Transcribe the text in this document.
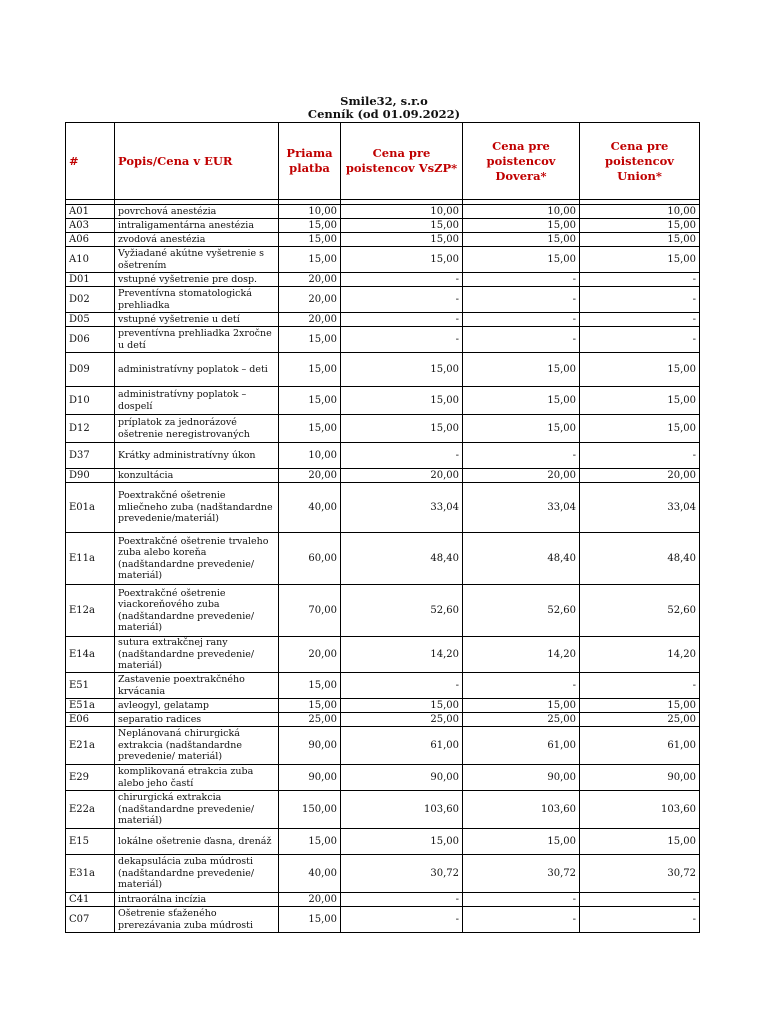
Smile32, s.r.o
Cenník (od 01.09.2022)
#	Popis/Cena v EUR	Priama platba	Cena pre poistencov VsZP*	Cena pre poistencov Dovera*	Cena pre poistencov Union*

A01	povrchová anestézia	10,00	10,00	10,00	10,00
A03	intraligamentárna anestézia	15,00	15,00	15,00	15,00
A06	zvodová anestézia	15,00	15,00	15,00	15,00
A10	Vyžiadané akútne vyšetrenie s ošetrením	15,00	15,00	15,00	15,00
D01	vstupné vyšetrenie pre dosp.	20,00	-	-	-
D02	Preventívna stomatologická prehliadka	20,00	-	-	-
D05	vstupné vyšetrenie u detí	20,00	-	-	-
D06	preventívna prehliadka 2xročne u detí	15,00	-	-	-
D09	administratívny poplatok – deti	15,00	15,00	15,00	15,00
D10	administratívny poplatok – dospelí	15,00	15,00	15,00	15,00
D12	príplatok za jednorázové ošetrenie neregistrovaných	15,00	15,00	15,00	15,00
D37	Krátky administratívny úkon	10,00	-	-	-
D90	konzultácia	20,00	20,00	20,00	20,00
E01a	Poextrakčné ošetrenie mliečneho zuba (nadštandardne prevedenie/materiál)	40,00	33,04	33,04	33,04
E11a	Poextrakčné ošetrenie trvaleho zuba alebo koreňa (nadštandardne prevedenie/ materiál)	60,00	48,40	48,40	48,40
E12a	Poextrakčné ošetrenie viackoreňového zuba (nadštandardne prevedenie/ materiál)	70,00	52,60	52,60	52,60
E14a	sutura extrakčnej rany (nadštandardne prevedenie/ materiál)	20,00	14,20	14,20	14,20
E51	Zastavenie poextrakčného krvácania	15,00	-	-	-
E51a	avleogyl, gelatamp	15,00	15,00	15,00	15,00
E06	separatio radices	25,00	25,00	25,00	25,00
E21a	Neplánovaná chirurgická extrakcia (nadštandardne prevedenie/ materiál)	90,00	61,00	61,00	61,00
E29	komplikovaná etrakcia zuba alebo jeho častí	90,00	90,00	90,00	90,00
E22a	chirurgická extrakcia (nadštandardne prevedenie/ materiál)	150,00	103,60	103,60	103,60
E15	lokálne ošetrenie ďasna, drenáž	15,00	15,00	15,00	15,00
E31a	dekapsulácia zuba múdrosti (nadštandardne prevedenie/ materiál)	40,00	30,72	30,72	30,72
C41	intraorálna incízia	20,00	-	-	-
C07	Ošetrenie sťaženého prerezávania zuba múdrosti	15,00	-	-	-
